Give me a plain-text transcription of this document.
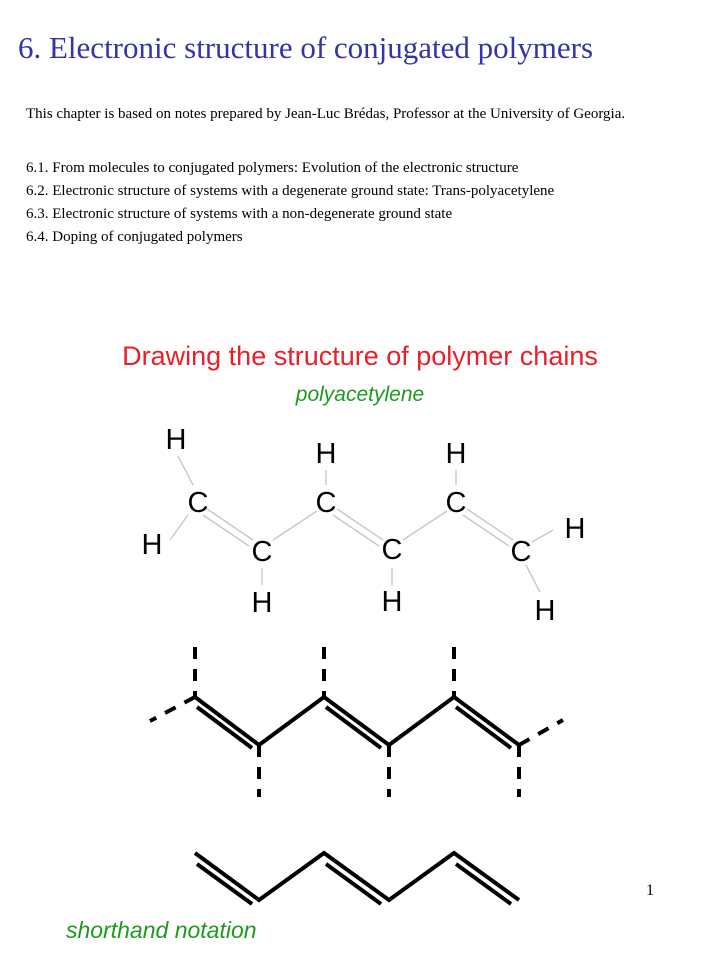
6. Electronic structure of conjugated polymers

This chapter is based on notes prepared by Jean-Luc Brédas, Professor at the University of Georgia.

6.1. From molecules to conjugated polymers: Evolution of the electronic structure
6.2. Electronic structure of systems with a degenerate ground state: Trans-polyacetylene
6.3. Electronic structure of systems with a non-degenerate ground state
6.4. Doping of conjugated polymers

Drawing the structure of polymer chains

polyacetylene

H
C
H	C
H
H
C
C
H
H
C
C
H
H
1

shorthand notation
